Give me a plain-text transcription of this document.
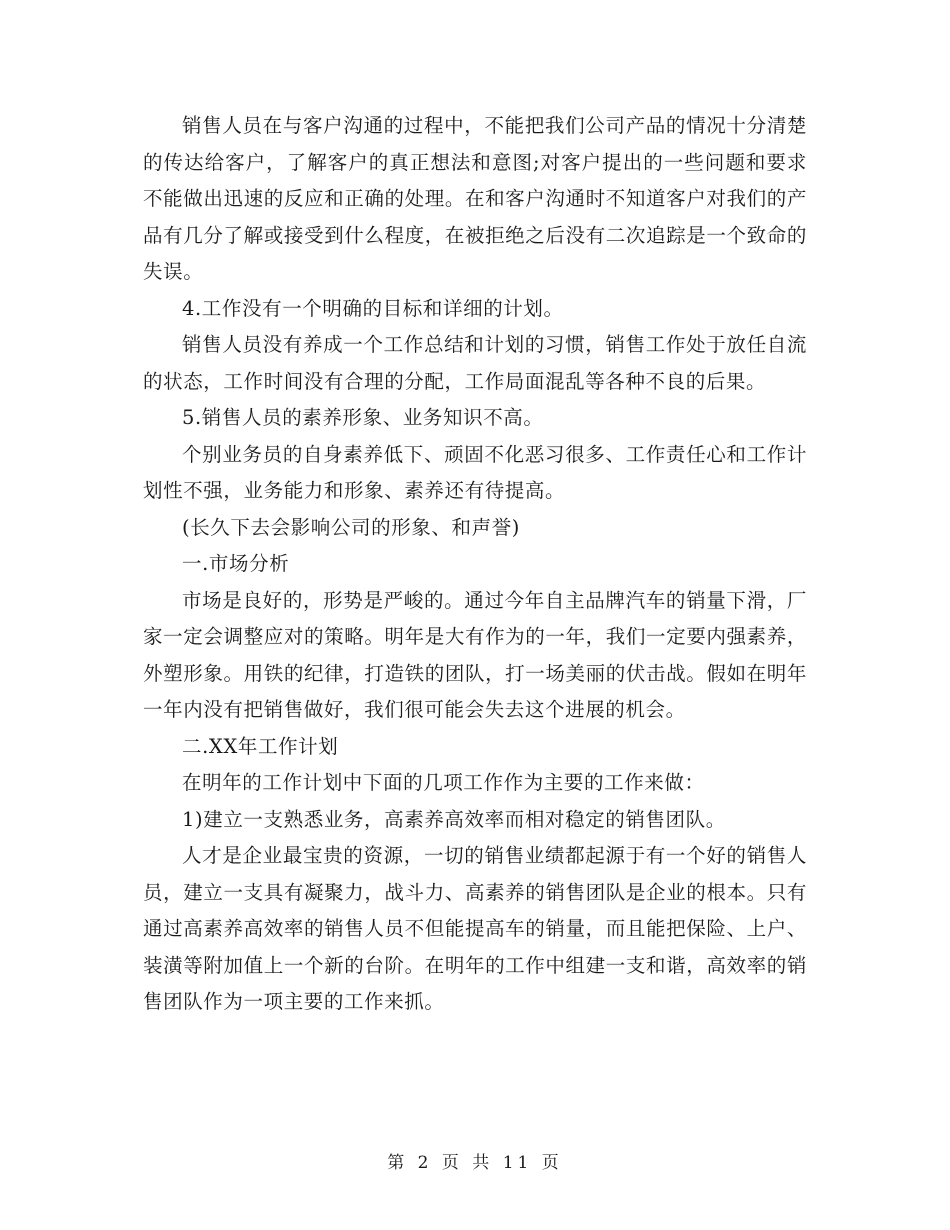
销售人员在与客户沟通的过程中，不能把我们公司产品的情况十分清楚的传达给客户，了解客户的真正想法和意图;对客户提出的一些问题和要求不能做出迅速的反应和正确的处理。在和客户沟通时不知道客户对我们的产品有几分了解或接受到什么程度，在被拒绝之后没有二次追踪是一个致命的失误。

4.工作没有一个明确的目标和详细的计划。

销售人员没有养成一个工作总结和计划的习惯，销售工作处于放任自流的状态，工作时间没有合理的分配，工作局面混乱等各种不良的后果。

5.销售人员的素养形象、业务知识不高。

个别业务员的自身素养低下、顽固不化恶习很多、工作责任心和工作计划性不强，业务能力和形象、素养还有待提高。

(长久下去会影响公司的形象、和声誉)

一.市场分析

市场是良好的，形势是严峻的。通过今年自主品牌汽车的销量下滑，厂家一定会调整应对的策略。明年是大有作为的一年，我们一定要内强素养，外塑形象。用铁的纪律，打造铁的团队，打一场美丽的伏击战。假如在明年一年内没有把销售做好，我们很可能会失去这个进展的机会。

二.XX年工作计划

在明年的工作计划中下面的几项工作作为主要的工作来做：

1)建立一支熟悉业务，高素养高效率而相对稳定的销售团队。

人才是企业最宝贵的资源，一切的销售业绩都起源于有一个好的销售人员，建立一支具有凝聚力，战斗力、高素养的销售团队是企业的根本。只有通过高素养高效率的销售人员不但能提高车的销量，而且能把保险、上户、装潢等附加值上一个新的台阶。在明年的工作中组建一支和谐，高效率的销售团队作为一项主要的工作来抓。

第 2 页 共 11 页
